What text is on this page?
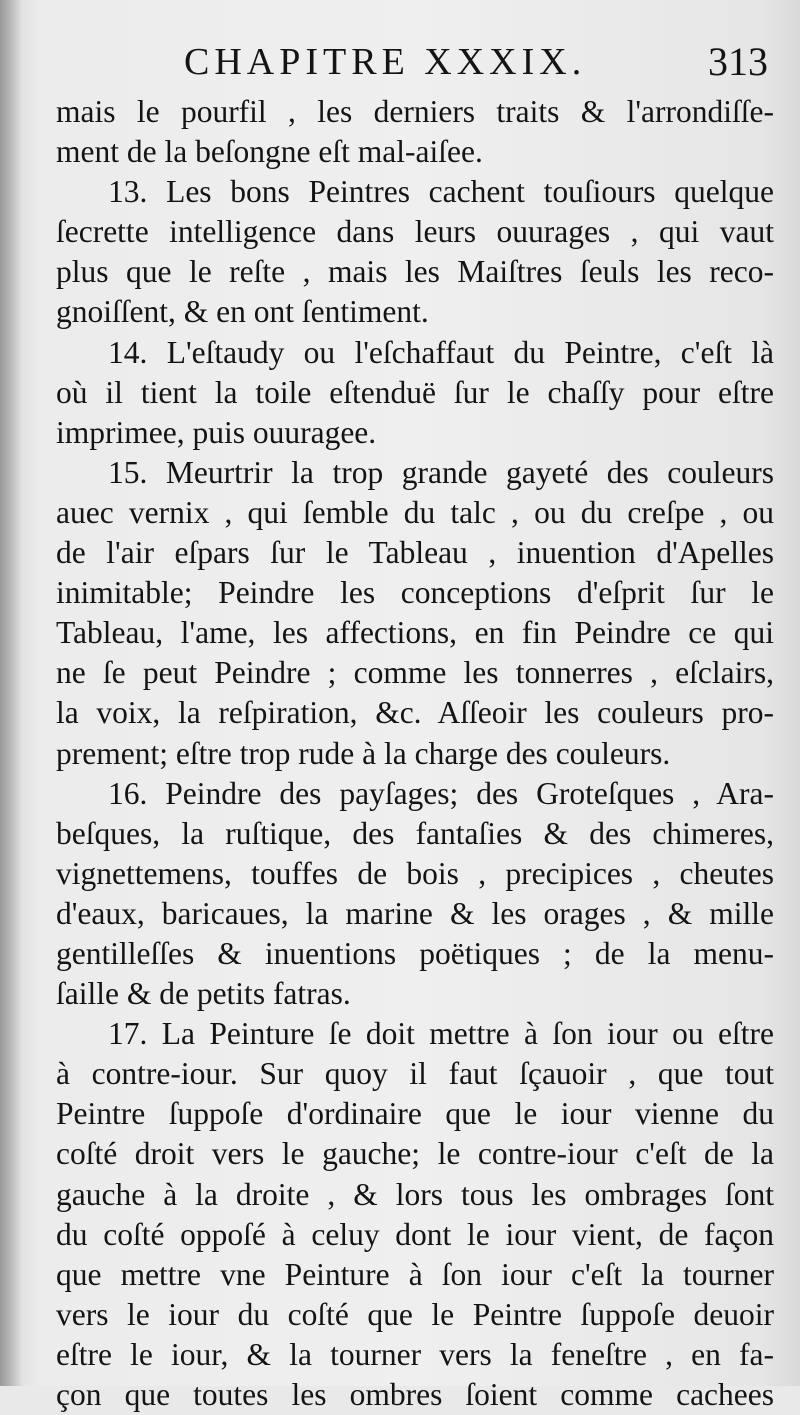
CHAPITRE XXXIX.	313
mais le pourfil , les derniers traits & l'arrondiſſe-
ment de la beſongne eſt mal-aiſee.
13. Les bons Peintres cachent touſiours quelque
ſecrette intelligence dans leurs ouurages , qui vaut
plus que le reſte , mais les Maiſtres ſeuls les reco-
gnoiſſent, & en ont ſentiment.
14. L'eſtaudy ou l'eſchaffaut du Peintre, c'eſt là
où il tient la toile eſtenduë ſur le chaſſy pour eſtre
imprimee, puis ouuragee.
15. Meurtrir la trop grande gayeté des couleurs
auec vernix , qui ſemble du talc , ou du creſpe , ou
de l'air eſpars ſur le Tableau , inuention d'Apelles
inimitable; Peindre les conceptions d'eſprit ſur le
Tableau, l'ame, les affections, en fin Peindre ce qui
ne ſe peut Peindre ; comme les tonnerres , eſclairs,
la voix, la reſpiration, &c. Aſſeoir les couleurs pro-
prement; eſtre trop rude à la charge des couleurs.
16. Peindre des payſages; des Groteſques , Ara-
beſques, la ruſtique, des fantaſies & des chimeres,
vignettemens, touffes de bois , precipices , cheutes
d'eaux, baricaues, la marine & les orages , & mille
gentilleſſes & inuentions poëtiques ; de la menu-
ſaille & de petits fatras.
17. La Peinture ſe doit mettre à ſon iour ou eſtre
à contre-iour. Sur quoy il faut ſçauoir , que tout
Peintre ſuppoſe d'ordinaire que le iour vienne du
coſté droit vers le gauche; le contre-iour c'eſt de la
gauche à la droite , & lors tous les ombrages ſont
du coſté oppoſé à celuy dont le iour vient, de façon
que mettre vne Peinture à ſon iour c'eſt la tourner
vers le iour du coſté que le Peintre ſuppoſe deuoir
eſtre le iour, & la tourner vers la feneſtre , en fa-
çon que toutes les ombres ſoient comme cachees
